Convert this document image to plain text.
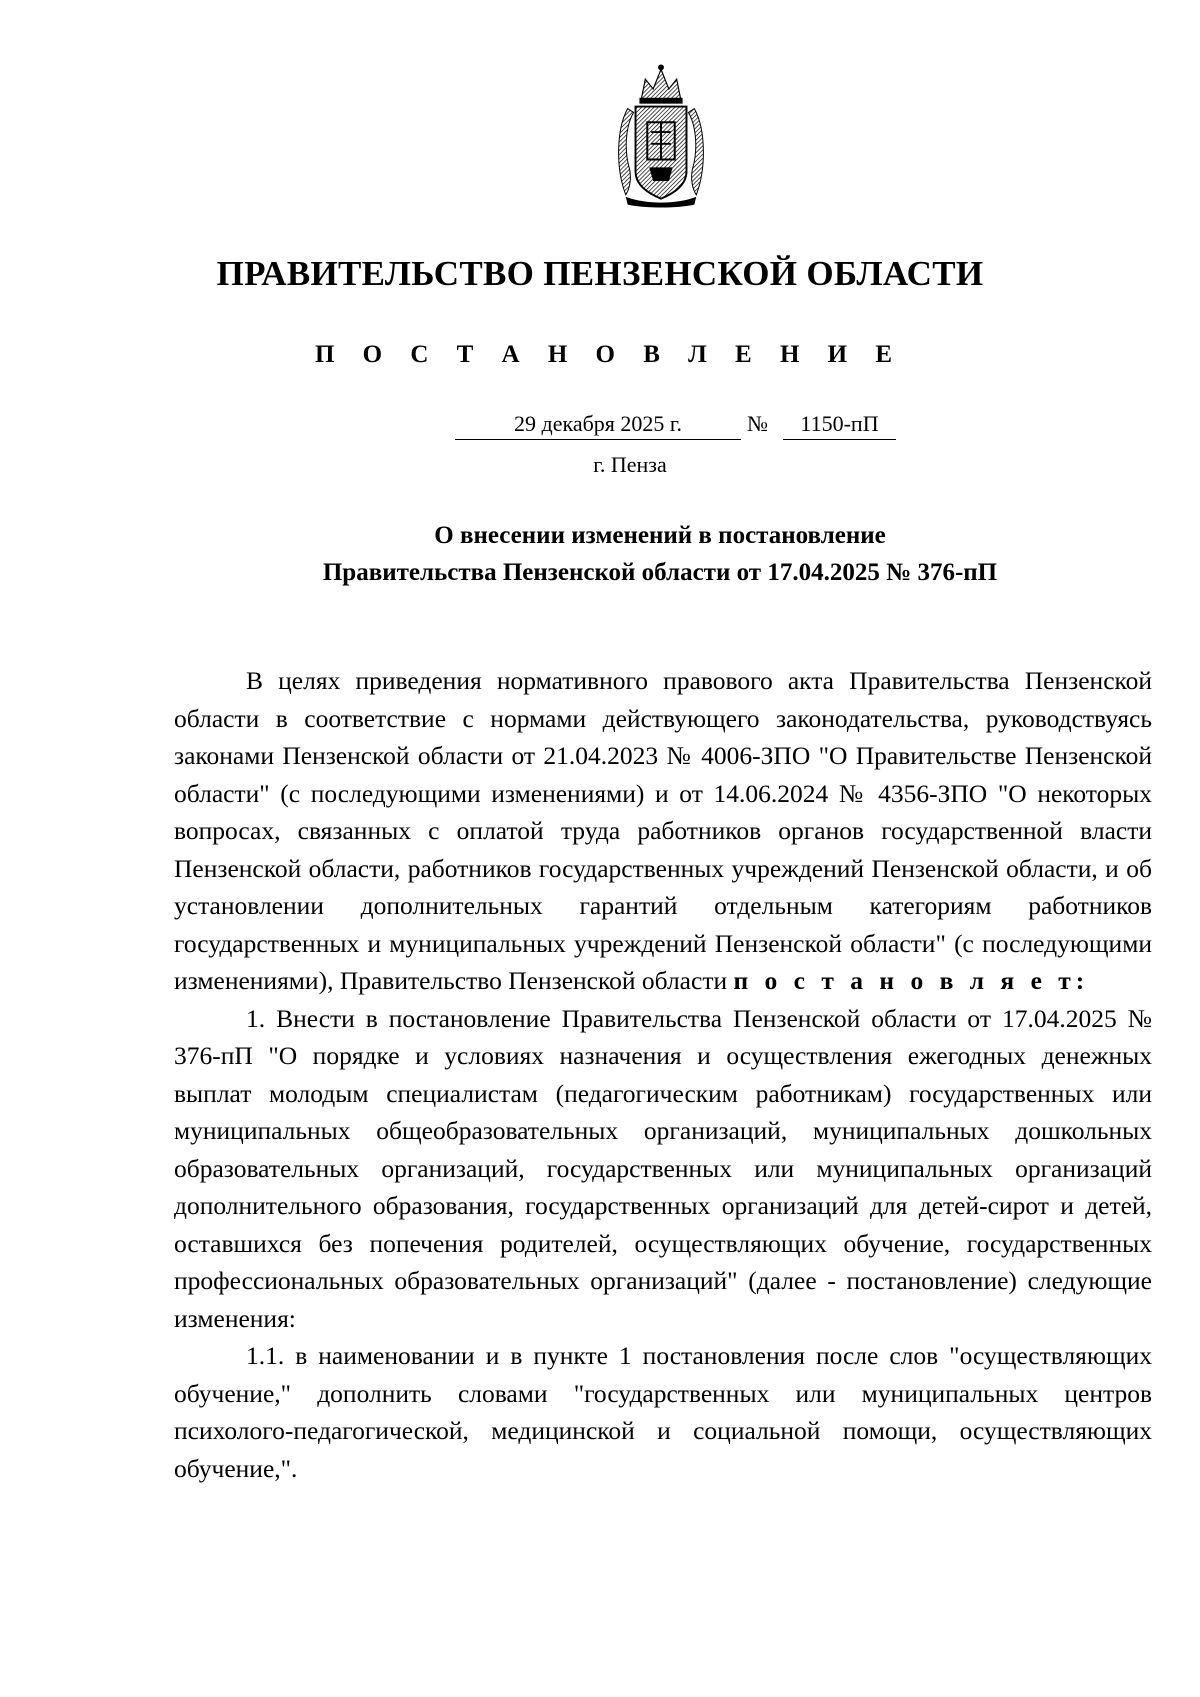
ПРАВИТЕЛЬСТВО ПЕНЗЕНСКОЙ ОБЛАСТИ
П О С Т А Н О В Л Е Н И Е
29 декабря 2025 г.	№	1150-пП
г. Пенза
О внесении изменений в постановление
Правительства Пензенской области от 17.04.2025 № 376-пП

В целях приведения нормативного правового акта Правительства Пензенской области в соответствие с нормами действующего законодательства, руководствуясь законами Пензенской области от 21.04.2023 № 4006-ЗПО "О Правительстве Пензенской области" (с последующими изменениями) и от 14.06.2024 № 4356-ЗПО "О некоторых вопросах, связанных с оплатой труда работников органов государственной власти Пензенской области, работников государственных учреждений Пензенской области, и об установлении дополнительных гарантий отдельным категориям работников государственных и муниципальных учреждений Пензенской области" (с последующими изменениями), Правительство Пензенской области п о с т а н о в л я е т:

1. Внести в постановление Правительства Пензенской области от 17.04.2025 № 376-пП "О порядке и условиях назначения и осуществления ежегодных денежных выплат молодым специалистам (педагогическим работникам) государственных или муниципальных общеобразовательных организаций, муниципальных дошкольных образовательных организаций, государственных или муниципальных организаций дополнительного образования, государственных организаций для детей-сирот и детей, оставшихся без попечения родителей, осуществляющих обучение, государственных профессиональных образовательных организаций" (далее - постановление) следующие изменения:

1.1. в наименовании и в пункте 1 постановления после слов "осуществляющих обучение," дополнить словами "государственных или муниципальных центров психолого-педагогической, медицинской и социальной помощи, осуществляющих обучение,".
